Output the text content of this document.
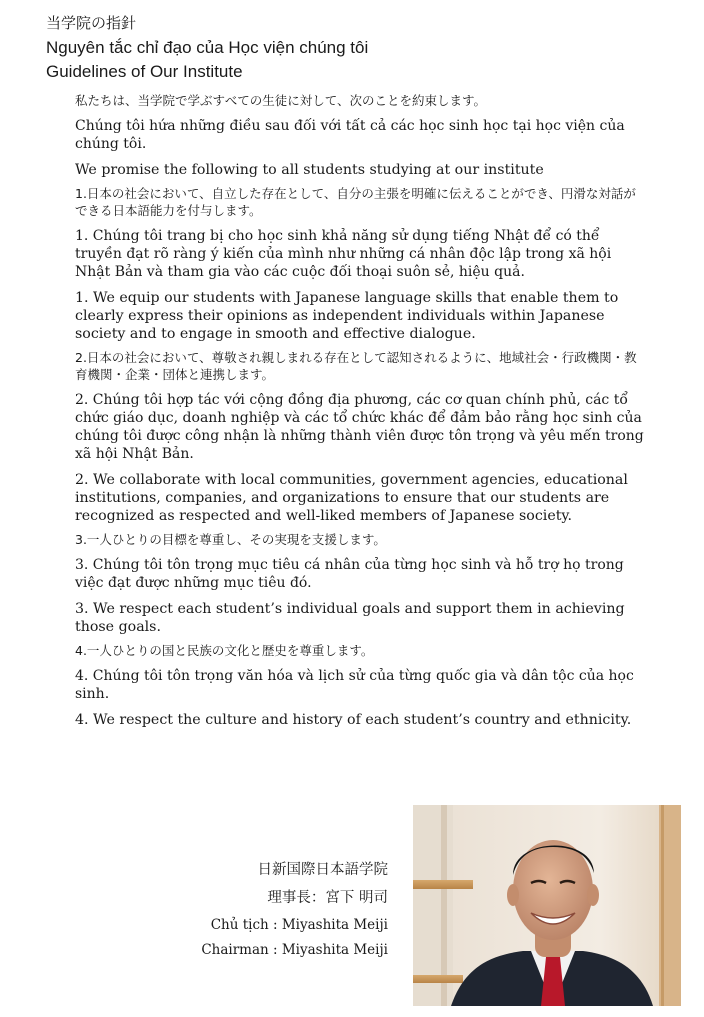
当学院の指針
Nguyên tắc chỉ đạo của Học viện chúng tôi
Guidelines of Our Institute

私たちは、当学院で学ぶすべての生徒に対して、次のことを約束します。

Chúng tôi hứa những điều sau đối với tất cả các học sinh học tại học viện của chúng tôi.

We promise the following to all students studying at our institute

1.日本の社会において、自立した存在として、自分の主張を明確に伝えることができ、円滑な対話ができる日本語能力を付与します。

1. Chúng tôi trang bị cho học sinh khả năng sử dụng tiếng Nhật để có thể truyền đạt rõ ràng ý kiến của mình như những cá nhân độc lập trong xã hội Nhật Bản và tham gia vào các cuộc đối thoại suôn sẻ, hiệu quả.

1. We equip our students with Japanese language skills that enable them to clearly express their opinions as independent individuals within Japanese society and to engage in smooth and effective dialogue.

2.日本の社会において、尊敬され親しまれる存在として認知されるように、地域社会・行政機関・教育機関・企業・団体と連携します。

2. Chúng tôi hợp tác với cộng đồng địa phương, các cơ quan chính phủ, các tổ chức giáo dục, doanh nghiệp và các tổ chức khác để đảm bảo rằng học sinh của chúng tôi được công nhận là những thành viên được tôn trọng và yêu mến trong xã hội Nhật Bản.

2. We collaborate with local communities, government agencies, educational institutions, companies, and organizations to ensure that our students are recognized as respected and well-liked members of Japanese society.

3.一人ひとりの目標を尊重し、その実現を支援します。

3. Chúng tôi tôn trọng mục tiêu cá nhân của từng học sinh và hỗ trợ họ trong việc đạt được những mục tiêu đó.

3. We respect each student’s individual goals and support them in achieving those goals.

4.一人ひとりの国と民族の文化と歴史を尊重します。

4. Chúng tôi tôn trọng văn hóa và lịch sử của từng quốc gia và dân tộc của học sinh.

4. We respect the culture and history of each student’s country and ethnicity.

日新国際日本語学院
理事長：宮下 明司
Chủ tịch : Miyashita Meiji
Chairman : Miyashita Meiji
